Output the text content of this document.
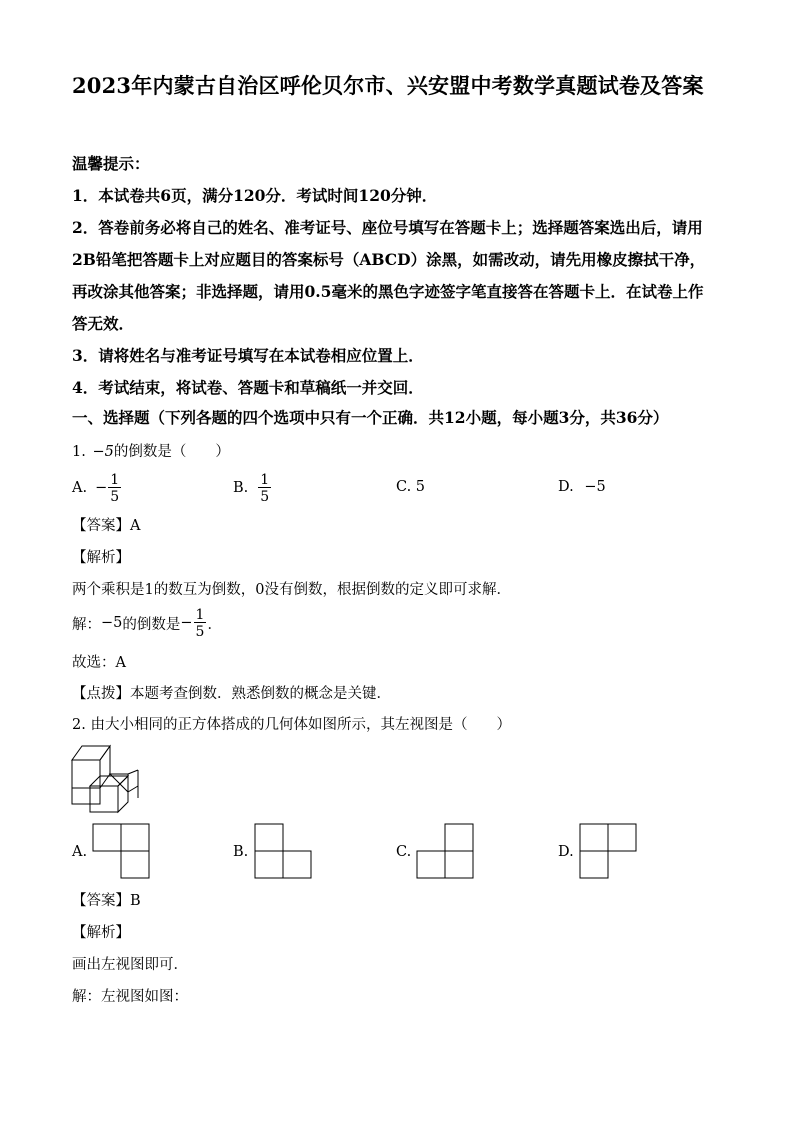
2023年内蒙古自治区呼伦贝尔市、兴安盟中考数学真题试卷及答案
温馨提示：
1．本试卷共6页，满分120分．考试时间120分钟．
2．答卷前务必将自己的姓名、准考证号、座位号填写在答题卡上；选择题答案选出后，请用
2B铅笔把答题卡上对应题目的答案标号（ABCD）涂黑，如需改动，请先用橡皮擦拭干净，
再改涂其他答案；非选择题，请用0.5毫米的黑色字迹签字笔直接答在答题卡上．在试卷上作
答无效．
3．请将姓名与准考证号填写在本试卷相应位置上．
4．考试结束，将试卷、答题卡和草稿纸一并交回．
一、选择题（下列各题的四个选项中只有一个正确．共12小题，每小题3分，共36分）
1. −5的倒数是（　　）
A. − $\frac{1}{5}$	B. $\frac{1}{5}$	C. 5	D. −5
【答案】A
【解析】
两个乘积是1的数互为倒数，0没有倒数，根据倒数的定义即可求解．
解： −5 的倒数是 − $\frac{1}{5}$ ．
故选：A
【点拨】本题考查倒数．熟悉倒数的概念是关键．
2. 由大小相同的正方体搭成的几何体如图所示，其左视图是（　　）
A.	B.	C.	D.
【答案】B
【解析】
画出左视图即可．
解：左视图如图：
